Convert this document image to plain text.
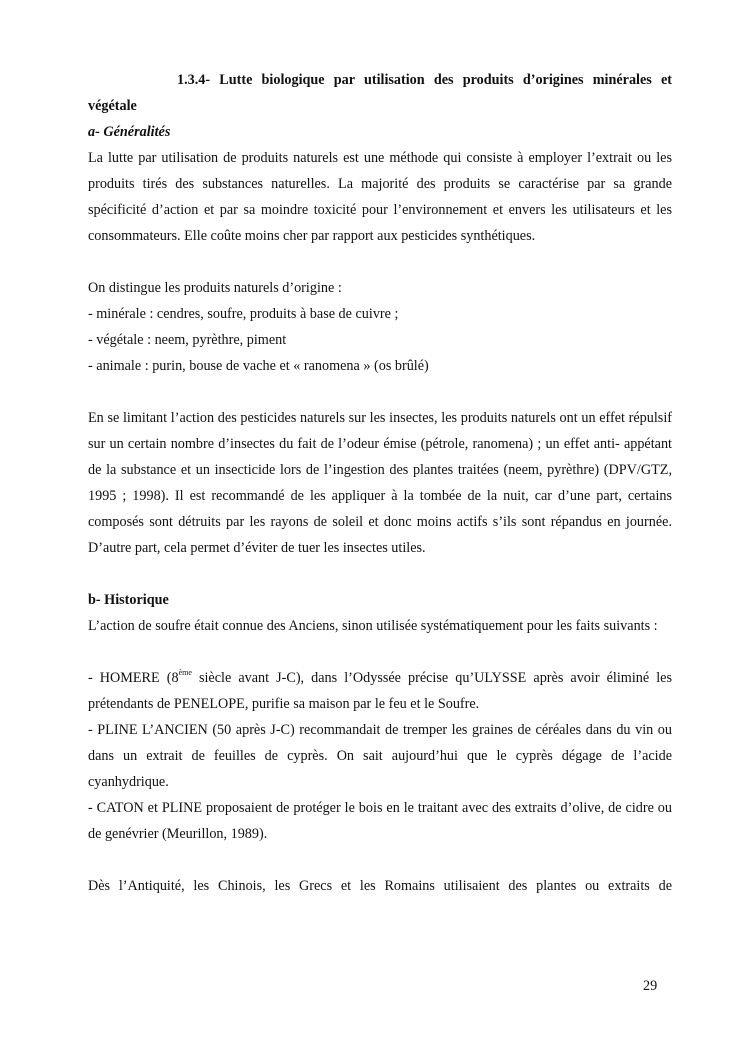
1.3.4- Lutte biologique par utilisation des produits d’origines minérales et végétale

a- Généralités

La lutte par utilisation de produits naturels est une méthode qui consiste à employer l’extrait ou les produits tirés des substances naturelles. La majorité des produits se caractérise par sa grande spécificité d’action et par sa moindre toxicité pour l’environnement et envers les utilisateurs et les consommateurs. Elle coûte moins cher par rapport aux pesticides synthétiques.

On distingue les produits naturels d’origine :

- minérale : cendres, soufre, produits à base de cuivre ;

- végétale : neem, pyrèthre, piment

- animale : purin, bouse de vache et « ranomena » (os brûlé)

En se limitant l’action des pesticides naturels sur les insectes, les produits naturels ont un effet répulsif sur un certain nombre d’insectes du fait de l’odeur émise (pétrole, ranomena) ; un effet anti- appétant de la substance et un insecticide lors de l’ingestion des plantes traitées (neem, pyrèthre) (DPV/GTZ, 1995 ; 1998). Il est recommandé de les appliquer à la tombée de la nuit, car d’une part, certains composés sont détruits par les rayons de soleil et donc moins actifs s’ils sont répandus en journée. D’autre part, cela permet d’éviter de tuer les insectes utiles.

b- Historique

L’action de soufre était connue des Anciens, sinon utilisée systématiquement pour les faits suivants :

- HOMERE (8ème siècle avant J-C), dans l’Odyssée précise qu’ULYSSE après avoir éliminé les prétendants de PENELOPE, purifie sa maison par le feu et le Soufre.

- PLINE L’ANCIEN (50 après J-C) recommandait de tremper les graines de céréales dans du vin ou dans un extrait de feuilles de cyprès. On sait aujourd’hui que le cyprès dégage de l’acide cyanhydrique.

- CATON et PLINE proposaient de protéger le bois en le traitant avec des extraits d’olive, de cidre ou de genévrier (Meurillon, 1989).

Dès l’Antiquité, les Chinois, les Grecs et les Romains utilisaient des plantes ou extraits de

29
